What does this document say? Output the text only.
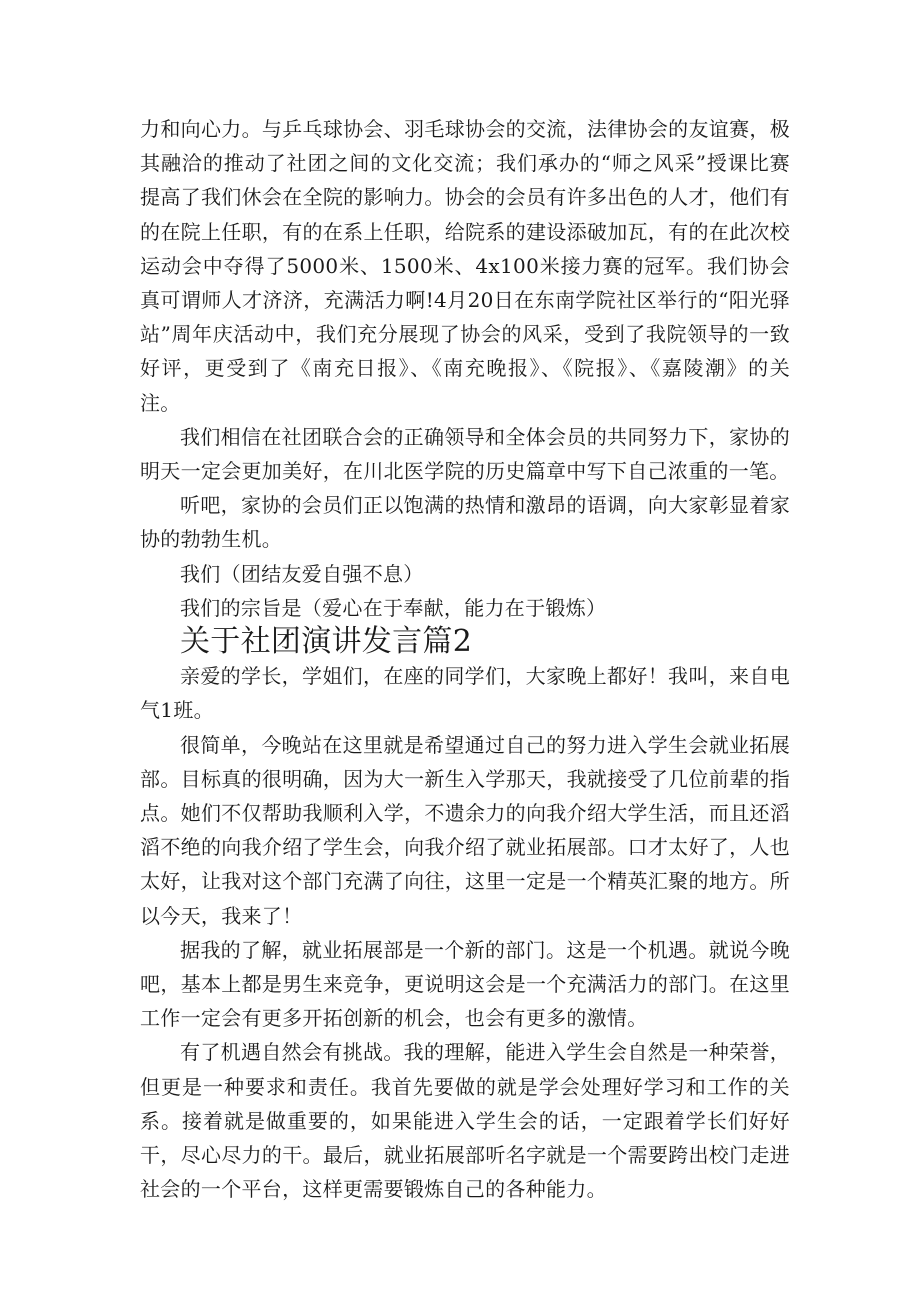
力和向心力。与乒乓球协会、羽毛球协会的交流，法律协会的友谊赛，极其融洽的推动了社团之间的文化交流；我们承办的“师之风采”授课比赛提高了我们休会在全院的影响力。协会的会员有许多出色的人才，他们有的在院上任职，有的在系上任职，给院系的建设添破加瓦，有的在此次校运动会中夺得了5000米、1500米、4x100米接力赛的冠军。我们协会真可谓师人才济济，充满活力啊!4月20日在东南学院社区举行的“阳光驿站”周年庆活动中，我们充分展现了协会的风采，受到了我院领导的一致好评，更受到了《南充日报》、《南充晚报》、《院报》、《嘉陵潮》的关注。

我们相信在社团联合会的正确领导和全体会员的共同努力下，家协的明天一定会更加美好，在川北医学院的历史篇章中写下自己浓重的一笔。

听吧，家协的会员们正以饱满的热情和激昂的语调，向大家彰显着家协的勃勃生机。

我们（团结友爱自强不息）

我们的宗旨是（爱心在于奉献，能力在于锻炼）

关于社团演讲发言篇2

亲爱的学长，学姐们，在座的同学们，大家晚上都好！我叫，来自电气1班。

很简单，今晚站在这里就是希望通过自己的努力进入学生会就业拓展部。目标真的很明确，因为大一新生入学那天，我就接受了几位前辈的指点。她们不仅帮助我顺利入学，不遗余力的向我介绍大学生活，而且还滔滔不绝的向我介绍了学生会，向我介绍了就业拓展部。口才太好了，人也太好，让我对这个部门充满了向往，这里一定是一个精英汇聚的地方。所以今天，我来了！

据我的了解，就业拓展部是一个新的部门。这是一个机遇。就说今晚吧，基本上都是男生来竞争，更说明这会是一个充满活力的部门。在这里工作一定会有更多开拓创新的机会，也会有更多的激情。

有了机遇自然会有挑战。我的理解，能进入学生会自然是一种荣誉，但更是一种要求和责任。我首先要做的就是学会处理好学习和工作的关系。接着就是做重要的，如果能进入学生会的话，一定跟着学长们好好干，尽心尽力的干。最后，就业拓展部听名字就是一个需要跨出校门走进社会的一个平台，这样更需要锻炼自己的各种能力。
